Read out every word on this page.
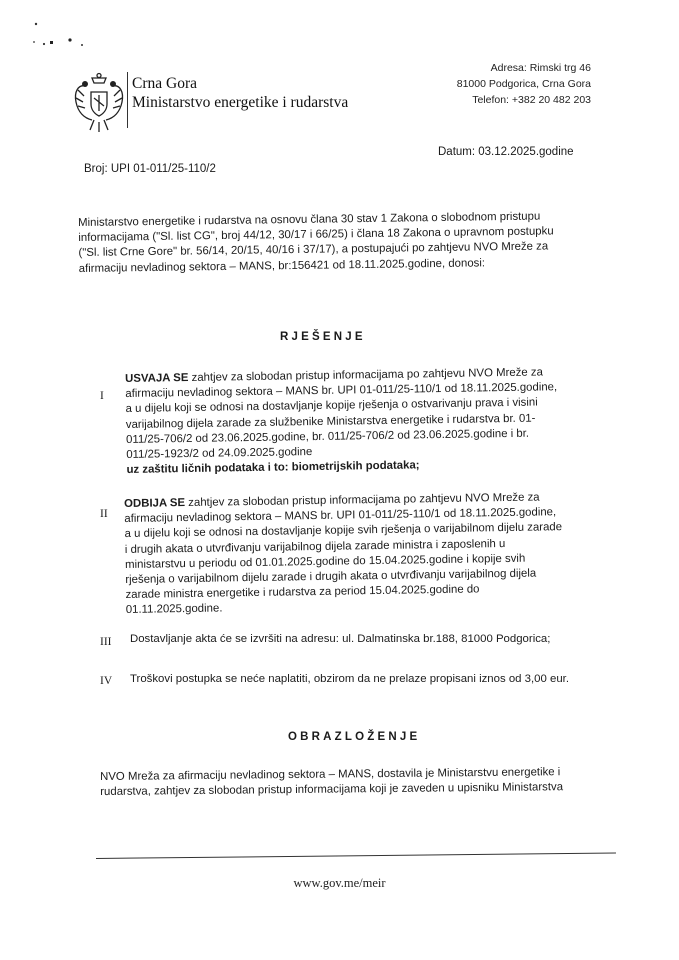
Crna Gora
Ministarstvo energetike i rudarstva
Adresa: Rimski trg 46
81000 Podgorica, Crna Gora
Telefon: +382 20 482 203
Datum: 03.12.2025.godine
Broj: UPI 01-011/25-110/2
Ministarstvo energetike i rudarstva na osnovu člana 30 stav 1 Zakona o slobodnom pristupu
informacijama ("Sl. list CG", broj 44/12, 30/17 i 66/25) i člana 18 Zakona o upravnom postupku
("Sl. list Crne Gore" br. 56/14, 20/15, 40/16 i 37/17), a postupajući po zahtjevu NVO Mreže za
afirmaciju nevladinog sektora – MANS, br:156421 od 18.11.2025.godine, donosi:
RJEŠENJE
I
USVAJA SE zahtjev za slobodan pristup informacijama po zahtjevu NVO Mreže za
afirmaciju nevladinog sektora – MANS br. UPI 01-011/25-110/1 od 18.11.2025.godine,
a u dijelu koji se odnosi na dostavljanje kopije rješenja o ostvarivanju prava i visini
varijabilnog dijela zarade za službenike Ministarstva energetike i rudarstva br. 01-
011/25-706/2 od 23.06.2025.godine, br. 011/25-706/2 od 23.06.2025.godine i br.
011/25-1923/2 od 24.09.2025.godine
uz zaštitu ličnih podataka i to: biometrijskih podataka;
II
ODBIJA SE zahtjev za slobodan pristup informacijama po zahtjevu NVO Mreže za
afirmaciju nevladinog sektora – MANS br. UPI 01-011/25-110/1 od 18.11.2025.godine,
a u dijelu koji se odnosi na dostavljanje kopije svih rješenja o varijabilnom dijelu zarade
i drugih akata o utvrđivanju varijabilnog dijela zarade ministra i zaposlenih u
ministarstvu u periodu od 01.01.2025.godine do 15.04.2025.godine i kopije svih
rješenja o varijabilnom dijelu zarade i drugih akata o utvrđivanju varijabilnog dijela
zarade ministra energetike i rudarstva za period 15.04.2025.godine do
01.11.2025.godine.
III Dostavljanje akta će se izvršiti na adresu: ul. Dalmatinska br.188, 81000 Podgorica;
IV Troškovi postupka se neće naplatiti, obzirom da ne prelaze propisani iznos od 3,00 eur.
OBRAZLOŽENJE
NVO Mreža za afirmaciju nevladinog sektora – MANS, dostavila je Ministarstvu energetike i
rudarstva, zahtjev za slobodan pristup informacijama koji je zaveden u upisniku Ministarstva
www.gov.me/meir
